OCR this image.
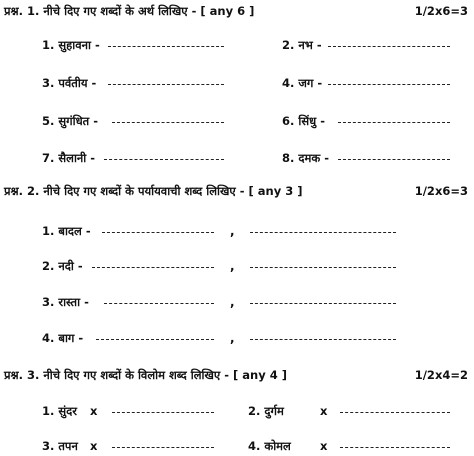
प्रश्न. 1. नीचे दिए गए शब्दों के अर्थ लिखिए - [ any 6 ]	1/2x6=3
1. सुहावना -	2. नभ -
3. पर्वतीय -	4. जग -
5. सुगंधित -	6. सिंधु -
7. सैलानी -	8. दमक -
प्रश्न. 2. नीचे दिए गए शब्दों के पर्यायवाची शब्द लिखिए - [ any 3 ]	1/2x6=3
1. बादल -	,
2. नदी -	,
3. रास्ता -	,
4. बाग -	,
प्रश्न. 3. नीचे दिए गए शब्दों के विलोम शब्द लिखिए - [ any 4 ]	1/2x4=2
1. सुंदर x	2. दुर्गम	x
3. तपन x	4. कोमल	x
